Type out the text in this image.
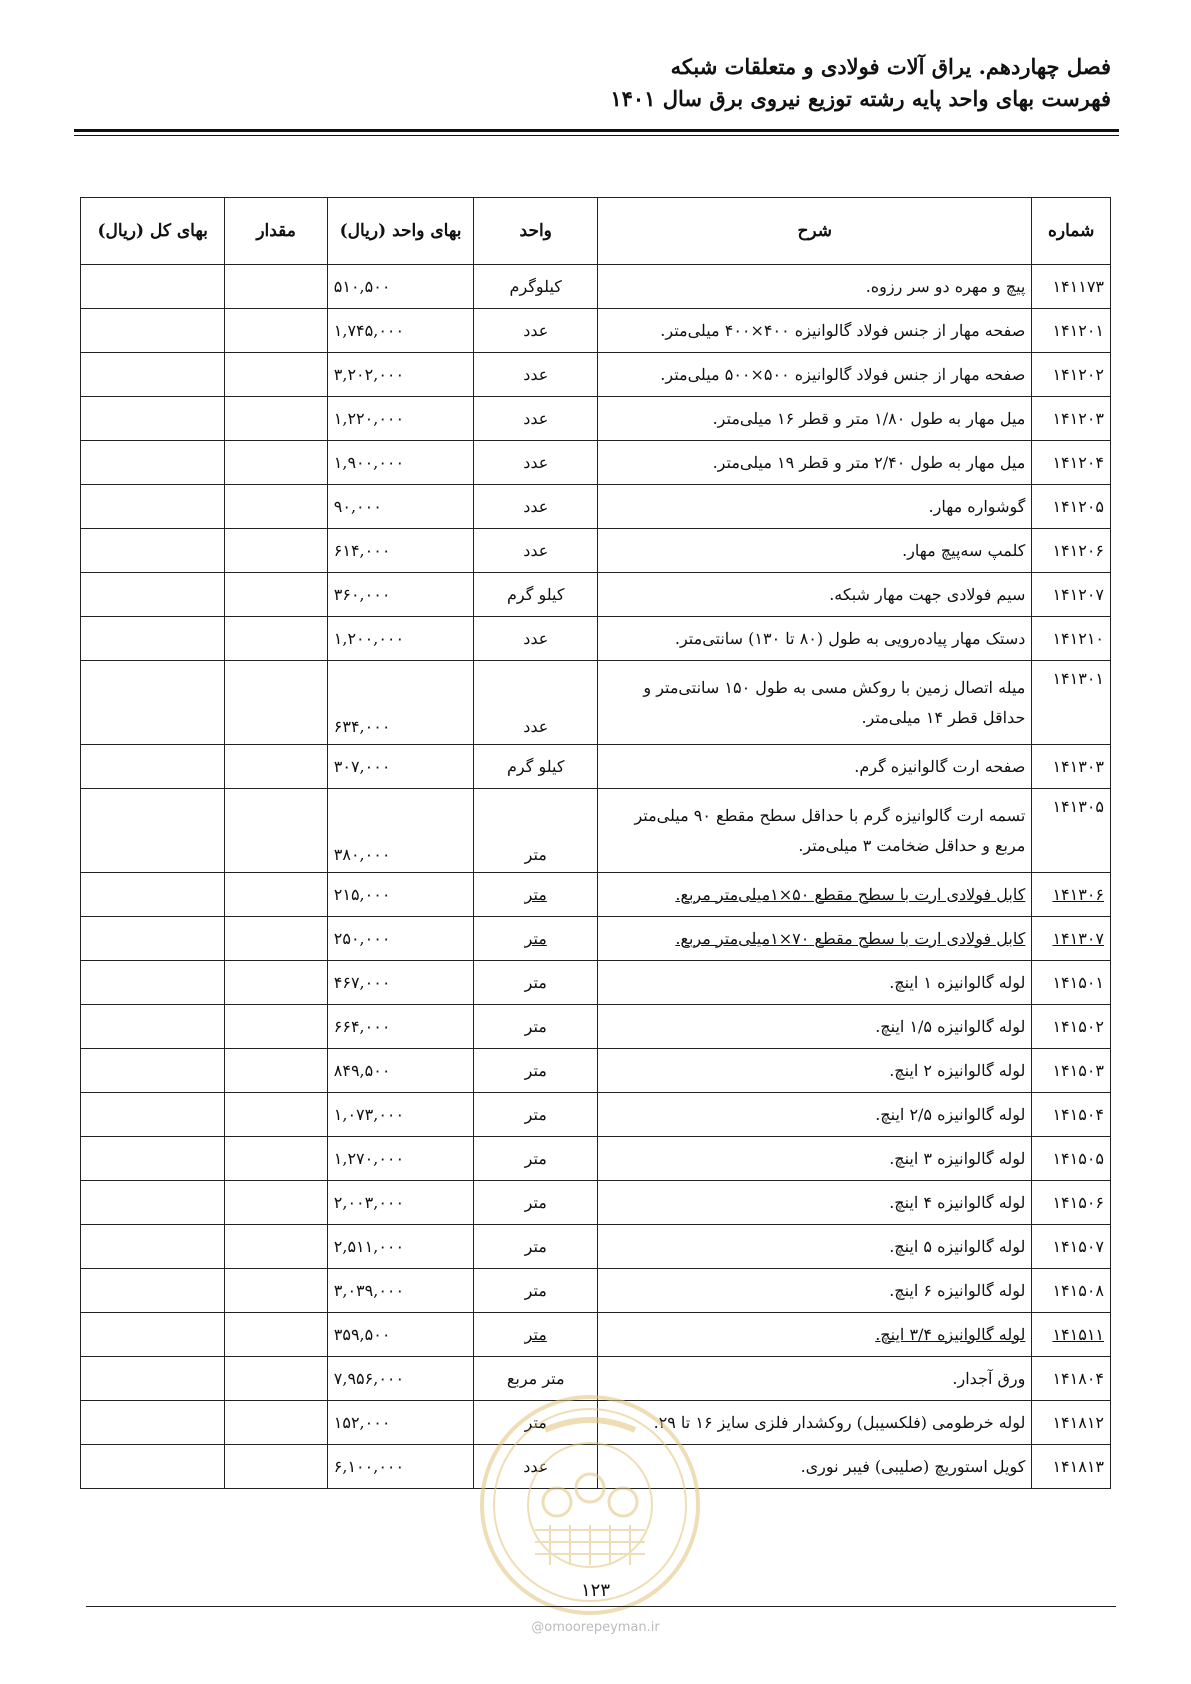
فصل چهاردهم. یراق آلات فولادی و متعلقات شبکه

فهرست بهای واحد پایه رشته توزیع نیروی برق سال ۱۴۰۱

شماره	شرح	واحد	بهای واحد (ریال)	مقدار	بهای کل (ریال)
۱۴۱۱۷۳	پیچ و مهره دو سر رزوه.	کیلوگرم	۵۱۰,۵۰۰		
۱۴۱۲۰۱	صفحه مهار از جنس فولاد گالوانیزه ۴۰۰×۴۰۰ میلی‌متر.	عدد	۱,۷۴۵,۰۰۰		
۱۴۱۲۰۲	صفحه مهار از جنس فولاد گالوانیزه ۵۰۰×۵۰۰ میلی‌متر.	عدد	۳,۲۰۲,۰۰۰		
۱۴۱۲۰۳	میل مهار به طول ۱/۸۰ متر و قطر ۱۶ میلی‌متر.	عدد	۱,۲۲۰,۰۰۰		
۱۴۱۲۰۴	میل مهار به طول ۲/۴۰ متر و قطر ۱۹ میلی‌متر.	عدد	۱,۹۰۰,۰۰۰		
۱۴۱۲۰۵	گوشواره مهار.	عدد	۹۰,۰۰۰		
۱۴۱۲۰۶	کلمپ سه‌پیچ مهار.	عدد	۶۱۴,۰۰۰		
۱۴۱۲۰۷	سیم فولادی جهت مهار شبکه.	کیلو گرم	۳۶۰,۰۰۰		
۱۴۱۲۱۰	دستک مهار پیاده‌رویی به طول (۸۰ تا ۱۳۰) سانتی‌متر.	عدد	۱,۲۰۰,۰۰۰		
۱۴۱۳۰۱	میله اتصال زمین با روکش مسی به طول ۱۵۰ سانتی‌متر و حداقل قطر ۱۴ میلی‌متر.	عدد	۶۳۴,۰۰۰		
۱۴۱۳۰۳	صفحه ارت گالوانیزه گرم.	کیلو گرم	۳۰۷,۰۰۰		
۱۴۱۳۰۵	تسمه ارت گالوانیزه گرم با حداقل سطح مقطع ۹۰ میلی‌متر مربع و حداقل ضخامت ۳ میلی‌متر.	متر	۳۸۰,۰۰۰		
۱۴۱۳۰۶	کابل فولادی ارت با سطح مقطع ۵۰×۱میلی‌متر مربع.	متر	۲۱۵,۰۰۰		
۱۴۱۳۰۷	کابل فولادی ارت با سطح مقطع ۷۰×۱میلی‌متر مربع.	متر	۲۵۰,۰۰۰		
۱۴۱۵۰۱	لوله گالوانیزه ۱ اینچ.	متر	۴۶۷,۰۰۰		
۱۴۱۵۰۲	لوله گالوانیزه ۱/۵ اینچ.	متر	۶۶۴,۰۰۰		
۱۴۱۵۰۳	لوله گالوانیزه ۲ اینچ.	متر	۸۴۹,۵۰۰		
۱۴۱۵۰۴	لوله گالوانیزه ۲/۵ اینچ.	متر	۱,۰۷۳,۰۰۰		
۱۴۱۵۰۵	لوله گالوانیزه ۳ اینچ.	متر	۱,۲۷۰,۰۰۰		
۱۴۱۵۰۶	لوله گالوانیزه ۴ اینچ.	متر	۲,۰۰۳,۰۰۰		
۱۴۱۵۰۷	لوله گالوانیزه ۵ اینچ.	متر	۲,۵۱۱,۰۰۰		
۱۴۱۵۰۸	لوله گالوانیزه ۶ اینچ.	متر	۳,۰۳۹,۰۰۰		
۱۴۱۵۱۱	لوله گالوانیزه ۳/۴ اینچ.	متر	۳۵۹,۵۰۰		
۱۴۱۸۰۴	ورق آجدار.	متر مربع	۷,۹۵۶,۰۰۰		
۱۴۱۸۱۲	لوله خرطومی (فلکسیبل) روکشدار فلزی سایز ۱۶ تا ۲۹.	متر	۱۵۲,۰۰۰		
۱۴۱۸۱۳	کویل استوریچ (صلیبی) فیبر نوری.	عدد	۶,۱۰۰,۰۰۰		
۱۲۳
@omoorepeyman.ir
